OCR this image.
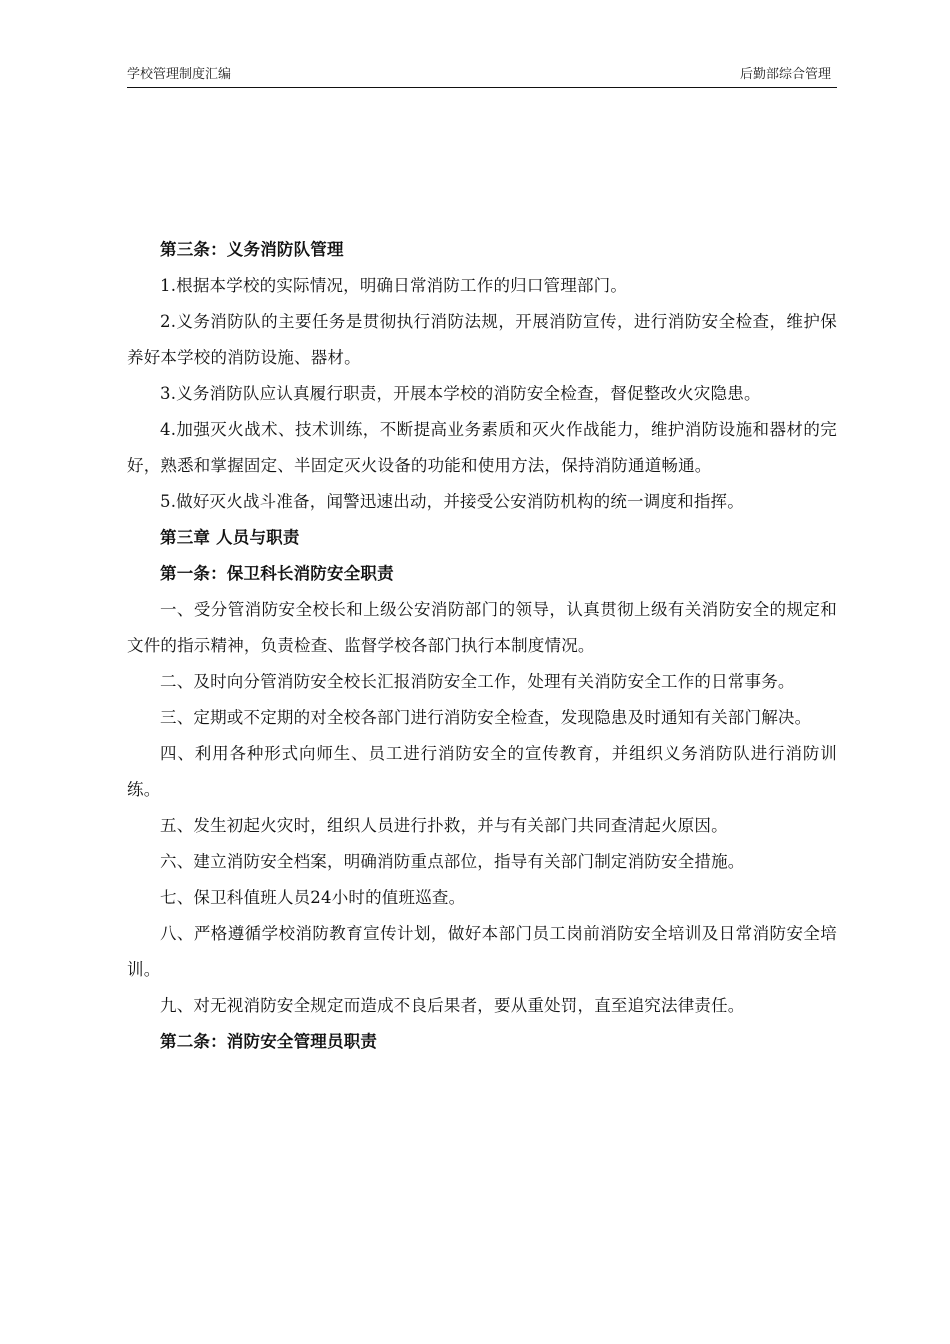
学校管理制度汇编	后勤部综合管理

第三条：义务消防队管理

1.根据本学校的实际情况，明确日常消防工作的归口管理部门。

2.义务消防队的主要任务是贯彻执行消防法规，开展消防宣传，进行消防安全检查，维护保养好本学校的消防设施、器材。

3.义务消防队应认真履行职责，开展本学校的消防安全检查，督促整改火灾隐患。

4.加强灭火战术、技术训练，不断提高业务素质和灭火作战能力，维护消防设施和器材的完好，熟悉和掌握固定、半固定灭火设备的功能和使用方法，保持消防通道畅通。

5.做好灭火战斗准备，闻警迅速出动，并接受公安消防机构的统一调度和指挥。

第三章 人员与职责

第一条：保卫科长消防安全职责

一、受分管消防安全校长和上级公安消防部门的领导，认真贯彻上级有关消防安全的规定和文件的指示精神，负责检查、监督学校各部门执行本制度情况。

二、及时向分管消防安全校长汇报消防安全工作，处理有关消防安全工作的日常事务。

三、定期或不定期的对全校各部门进行消防安全检查，发现隐患及时通知有关部门解决。

四、利用各种形式向师生、员工进行消防安全的宣传教育，并组织义务消防队进行消防训练。

五、发生初起火灾时，组织人员进行扑救，并与有关部门共同查清起火原因。

六、建立消防安全档案，明确消防重点部位，指导有关部门制定消防安全措施。

七、保卫科值班人员24小时的值班巡查。

八、严格遵循学校消防教育宣传计划，做好本部门员工岗前消防安全培训及日常消防安全培训。

九、对无视消防安全规定而造成不良后果者，要从重处罚，直至追究法律责任。

第二条：消防安全管理员职责
